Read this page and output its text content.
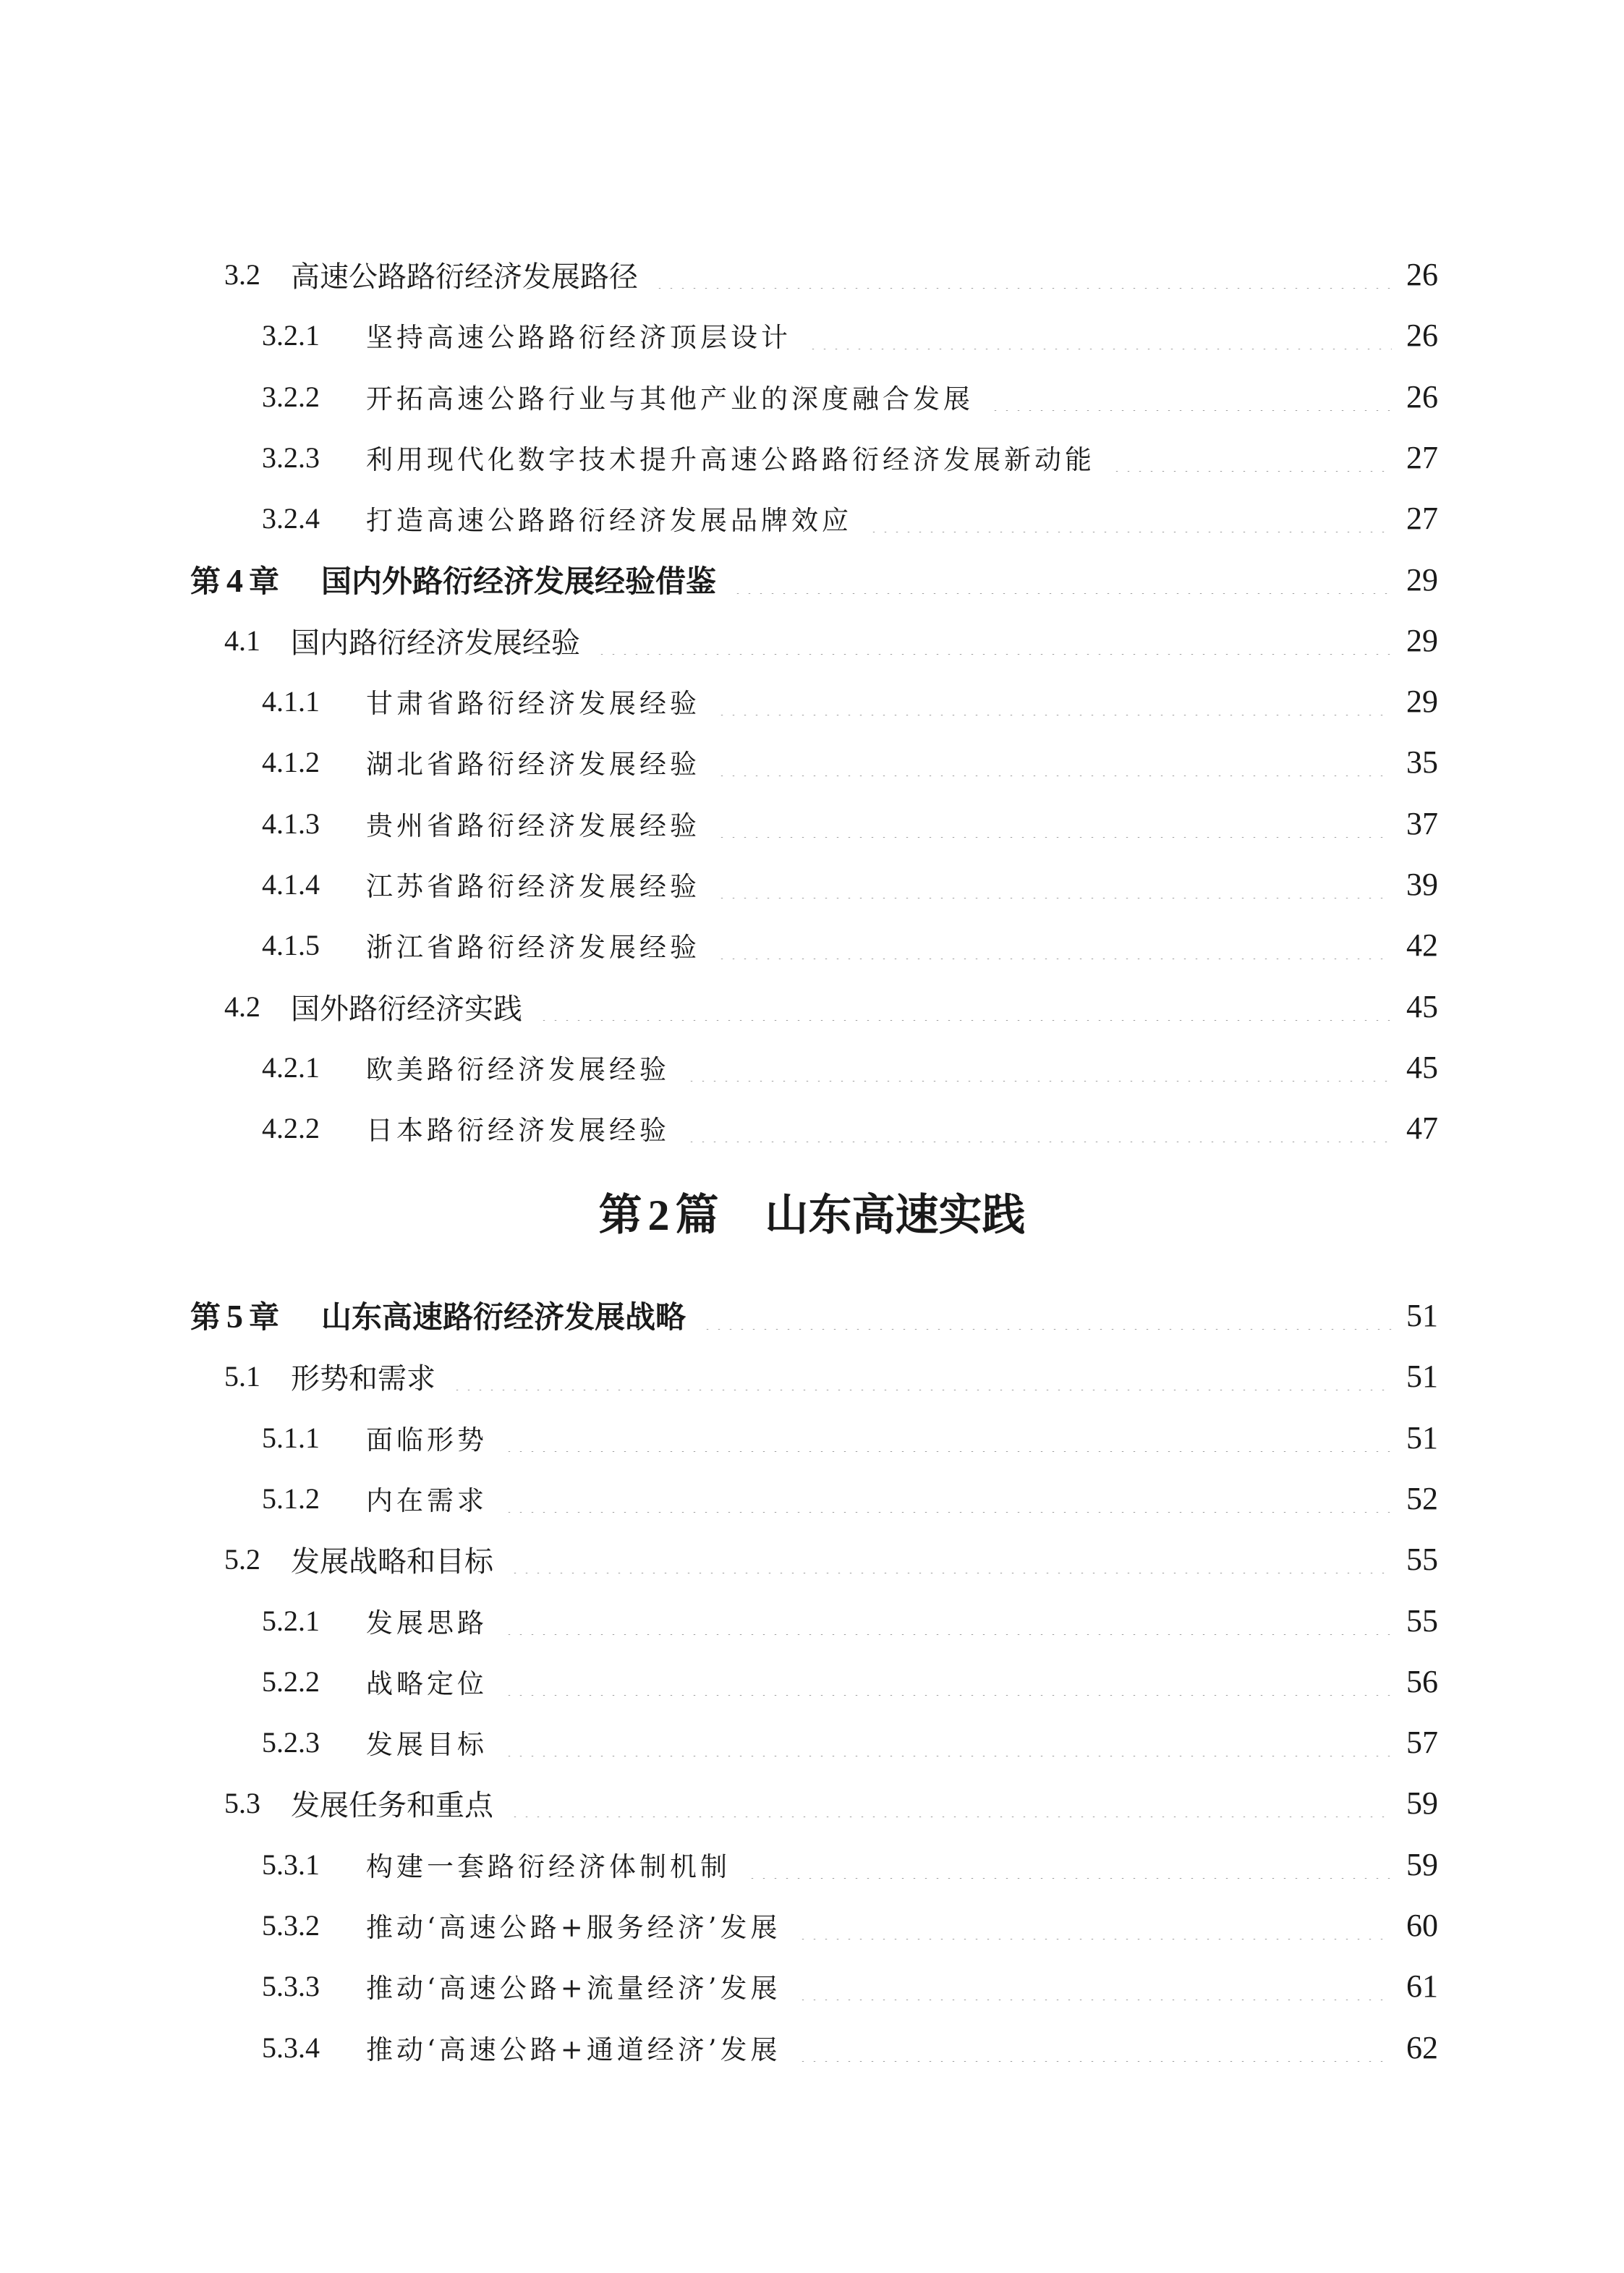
3.2 高速公路路衍经济发展路径	26
3.2.1	坚持高速公路路衍经济顶层设计	26
3.2.2	开拓高速公路行业与其他产业的深度融合发展	26
3.2.3	利用现代化数字技术提升高速公路路衍经济发展新动能	27
3.2.4	打造高速公路路衍经济发展品牌效应	27
第 4 章 国内外路衍经济发展经验借鉴	29
4.1 国内路衍经济发展经验	29
4.1.1	甘肃省路衍经济发展经验	29
4.1.2	湖北省路衍经济发展经验	35
4.1.3	贵州省路衍经济发展经验	37
4.1.4	江苏省路衍经济发展经验	39
4.1.5	浙江省路衍经济发展经验	42
4.2 国外路衍经济实践	45
4.2.1	欧美路衍经济发展经验	45
4.2.2	日本路衍经济发展经验	47
第 2 篇 山东高速实践
第 5 章 山东高速路衍经济发展战略	51
5.1 形势和需求	51
5.1.1	面临形势	51
5.1.2	内在需求	52
5.2 发展战略和目标	55
5.2.1	发展思路	55
5.2.2	战略定位	56
5.2.3	发展目标	57
5.3 发展任务和重点	59
5.3.1	构建一套路衍经济体制机制	59
5.3.2	推动‘高速公路+服务经济’发展	60
5.3.3	推动‘高速公路+流量经济’发展	61
5.3.4	推动‘高速公路+通道经济’发展	62
